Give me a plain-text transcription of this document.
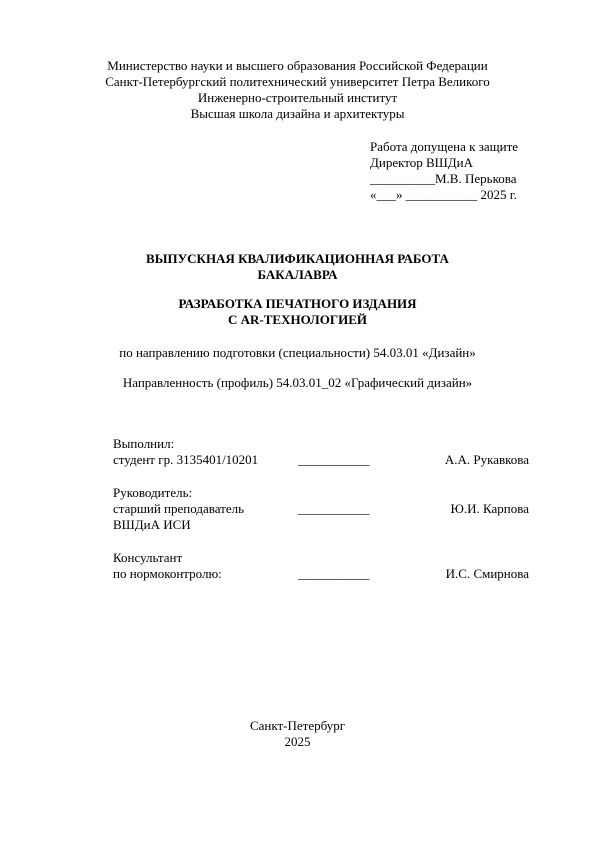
Министерство науки и высшего образования Российской Федерации
Санкт-Петербургский политехнический университет Петра Великого
Инженерно-строительный институт
Высшая школа дизайна и архитектуры
Работа допущена к защите
Директор ВШДиА
__________М.В. Перькова
«___» ___________ 2025 г.
ВЫПУСКНАЯ КВАЛИФИКАЦИОННАЯ РАБОТА
БАКАЛАВРА
РАЗРАБОТКА ПЕЧАТНОГО ИЗДАНИЯ
С AR-ТЕХНОЛОГИЕЙ
по направлению подготовки (специальности) 54.03.01 «Дизайн»
Направленность (профиль) 54.03.01_02 «Графический дизайн»
Выполнил:
студент гр. 3135401/10201	___________	А.А. Рукавкова
Руководитель:
старший преподаватель	___________	Ю.И. Карпова
ВШДиА ИСИ
Консультант
по нормоконтролю:	___________	И.С. Смирнова
Санкт-Петербург
2025
